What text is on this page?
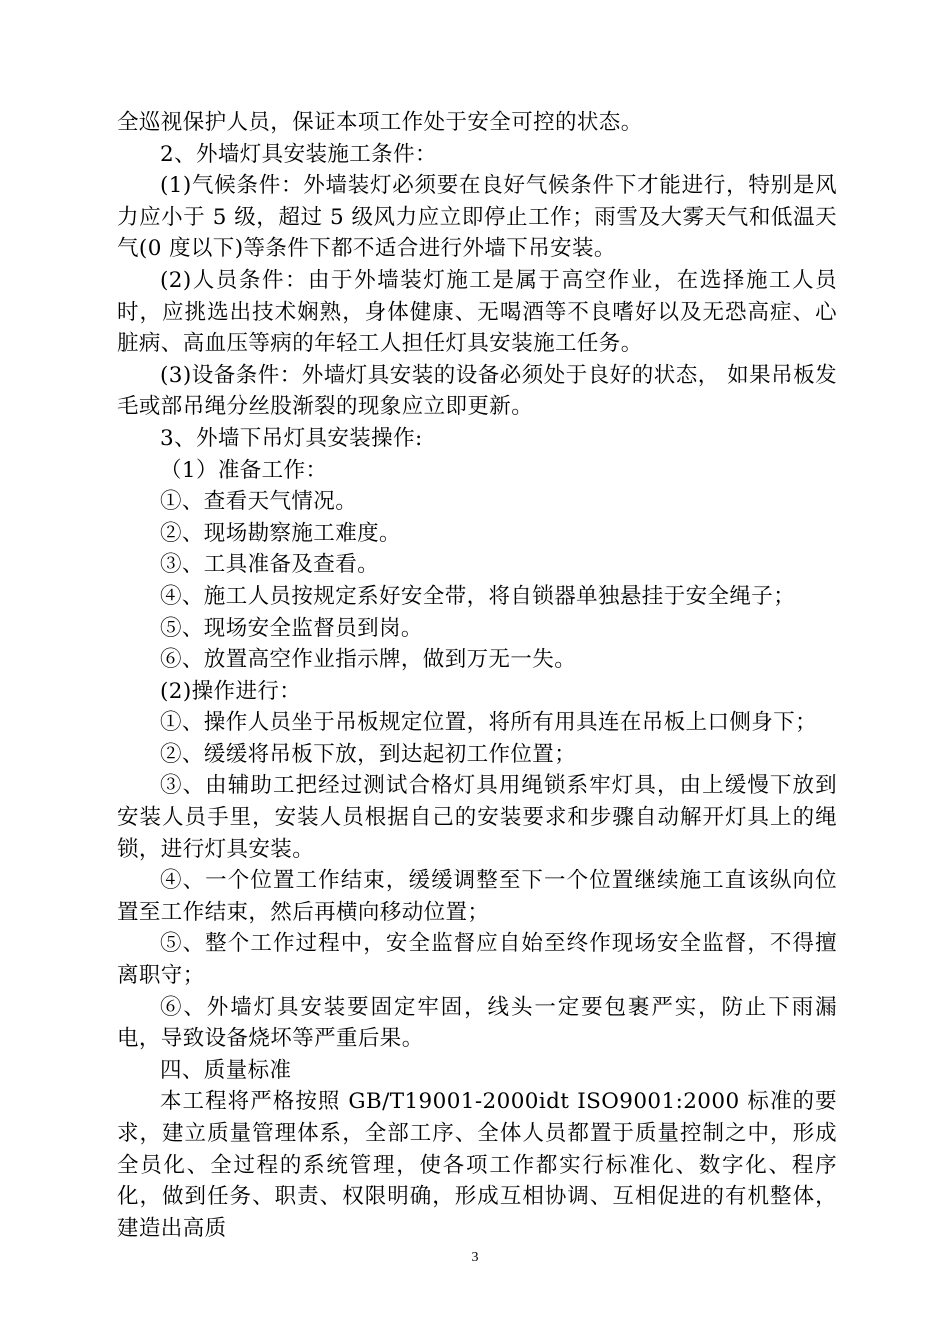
全巡视保护人员，保证本项工作处于安全可控的状态。

2、外墙灯具安装施工条件：

(1)气候条件：外墙装灯必须要在良好气候条件下才能进行，特别是风力应小于 5 级，超过 5 级风力应立即停止工作；雨雪及大雾天气和低温天气(0 度以下)等条件下都不适合进行外墙下吊安装。

(2)人员条件：由于外墙装灯施工是属于高空作业，在选择施工人员时，应挑选出技术娴熟，身体健康、无喝酒等不良嗜好以及无恐高症、心脏病、高血压等病的年轻工人担任灯具安装施工任务。

(3)设备条件：外墙灯具安装的设备必须处于良好的状态， 如果吊板发毛或部吊绳分丝股渐裂的现象应立即更新。

3、外墙下吊灯具安装操作:

（1）准备工作：

①、查看天气情况。

②、现场勘察施工难度。

③、工具准备及查看。

④、施工人员按规定系好安全带，将自锁器单独悬挂于安全绳子；

⑤、现场安全监督员到岗。

⑥、放置高空作业指示牌，做到万无一失。

(2)操作进行：

①、操作人员坐于吊板规定位置，将所有用具连在吊板上口侧身下；

②、缓缓将吊板下放，到达起初工作位置；

③、由辅助工把经过测试合格灯具用绳锁系牢灯具，由上缓慢下放到安装人员手里，安装人员根据自己的安装要求和步骤自动解开灯具上的绳锁，进行灯具安装。

④、一个位置工作结束，缓缓调整至下一个位置继续施工直该纵向位置至工作结束，然后再横向移动位置；

⑤、整个工作过程中，安全监督应自始至终作现场安全监督，不得擅离职守；

⑥、外墙灯具安装要固定牢固，线头一定要包裹严实，防止下雨漏电，导致设备烧坏等严重后果。

四、质量标准

本工程将严格按照 GB/T19001-2000idt ISO9001:2000 标准的要求，建立质量管理体系，全部工序、全体人员都置于质量控制之中，形成全员化、全过程的系统管理，使各项工作都实行标准化、数字化、程序化，做到任务、职责、权限明确，形成互相协调、互相促进的有机整体，建造出高质

3
